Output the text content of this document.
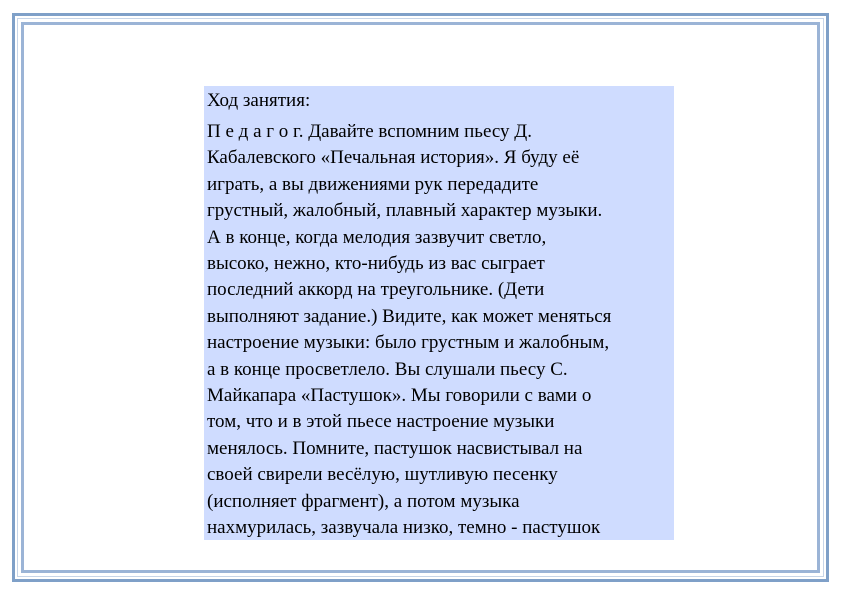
Ход занятия:

П е д а г о г. Давайте вспомним пьесу Д.
Кабалевского «Печальная история». Я буду её
играть, а вы движениями рук передадите
грустный, жалобный, плавный характер музыки.
А в конце, когда мелодия зазвучит светло,
высоко, нежно, кто-нибудь из вас сыграет
последний аккорд на треугольнике. (Дети
выполняют задание.) Видите, как может меняться
настроение музыки: было грустным и жалобным,
а в конце просветлело. Вы слушали пьесу С.
Майкапара «Пастушок». Мы говорили с вами о
том, что и в этой пьесе настроение музыки
менялось. Помните, пастушок насвистывал на
своей свирели весёлую, шутливую песенку
(исполняет фрагмент), а потом музыка
нахмурилась, зазвучала низко, темно - пастушок
